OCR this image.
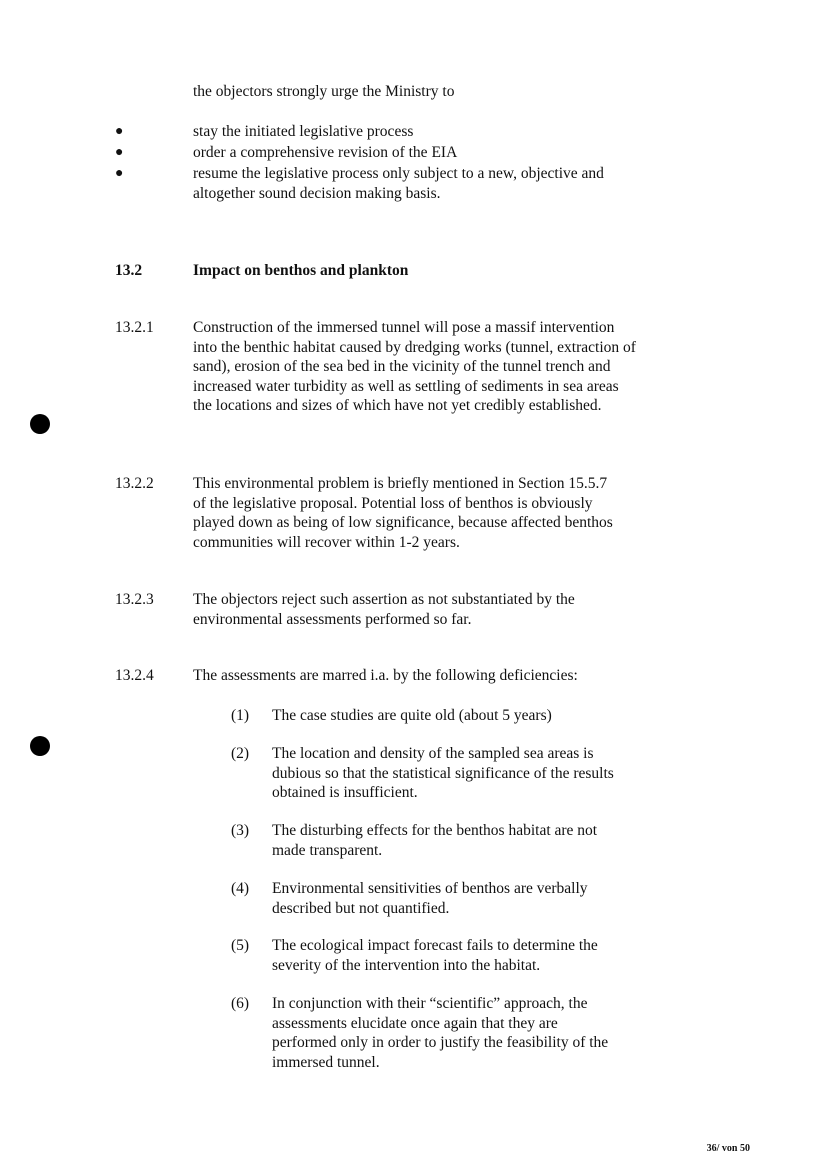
the objectors strongly urge the Ministry to
●	stay the initiated legislative process
●	order a comprehensive revision of the EIA
●	resume the legislative process only subject to a new, objective and altogether sound decision making basis.
13.2	Impact on benthos and plankton
13.2.1	Construction of the immersed tunnel will pose a massif intervention into the benthic habitat caused by dredging works (tunnel, extraction of sand), erosion of the sea bed in the vicinity of the tunnel trench and increased water turbidity as well as settling of sediments in sea areas the locations and sizes of which have not yet credibly established.
13.2.2	This environmental problem is briefly mentioned in Section 15.5.7 of the legislative proposal. Potential loss of benthos is obviously played down as being of low significance, because affected benthos communities will recover within 1-2 years.
13.2.3	The objectors reject such assertion as not substantiated by the environmental assessments performed so far.
13.2.4	The assessments are marred i.a. by the following deficiencies:
(1) The case studies are quite old (about 5 years)
(2) The location and density of the sampled sea areas is dubious so that the statistical significance of the results obtained is insufficient.
(3) The disturbing effects for the benthos habitat are not made transparent.
(4) Environmental sensitivities of benthos are verbally described but not quantified.
(5) The ecological impact forecast fails to determine the severity of the intervention into the habitat.
(6) In conjunction with their “scientific” approach, the assessments elucidate once again that they are performed only in order to justify the feasibility of the immersed tunnel.
36/ von 50
